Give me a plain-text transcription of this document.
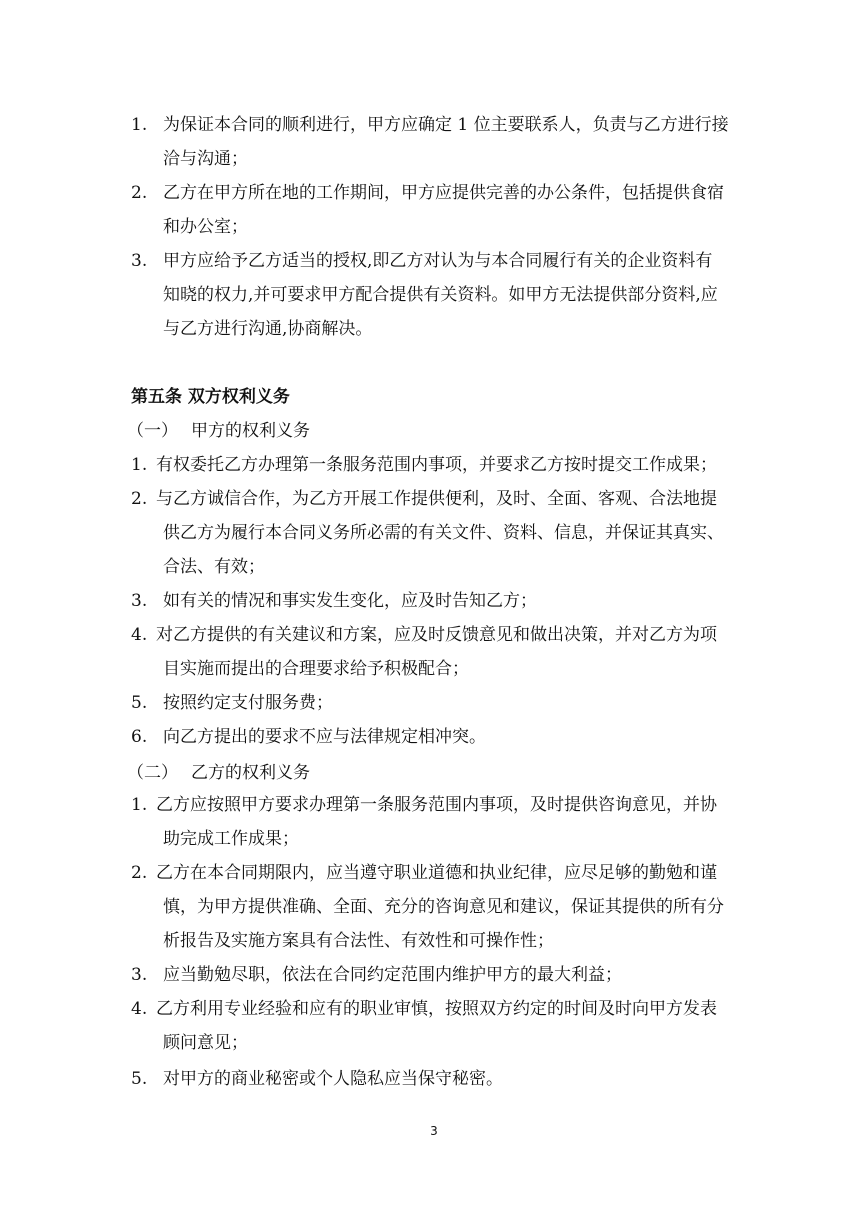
1. 为保证本合同的顺利进行，甲方应确定 1 位主要联系人，负责与乙方进行接
洽与沟通；
2. 乙方在甲方所在地的工作期间，甲方应提供完善的办公条件，包括提供食宿
和办公室；
3. 甲方应给予乙方适当的授权,即乙方对认为与本合同履行有关的企业资料有
知晓的权力,并可要求甲方配合提供有关资料。如甲方无法提供部分资料,应
与乙方进行沟通,协商解决。
第五条 双方权利义务
（一） 甲方的权利义务
1. 有权委托乙方办理第一条服务范围内事项，并要求乙方按时提交工作成果；
2. 与乙方诚信合作，为乙方开展工作提供便利，及时、全面、客观、合法地提
供乙方为履行本合同义务所必需的有关文件、资料、信息，并保证其真实、
合法、有效；
3. 如有关的情况和事实发生变化，应及时告知乙方；
4. 对乙方提供的有关建议和方案，应及时反馈意见和做出决策，并对乙方为项
目实施而提出的合理要求给予积极配合；
5. 按照约定支付服务费；
6. 向乙方提出的要求不应与法律规定相冲突。
（二） 乙方的权利义务
1. 乙方应按照甲方要求办理第一条服务范围内事项，及时提供咨询意见，并协
助完成工作成果；
2. 乙方在本合同期限内，应当遵守职业道德和执业纪律，应尽足够的勤勉和谨
慎，为甲方提供准确、全面、充分的咨询意见和建议，保证其提供的所有分
析报告及实施方案具有合法性、有效性和可操作性；
3. 应当勤勉尽职，依法在合同约定范围内维护甲方的最大利益；
4. 乙方利用专业经验和应有的职业审慎，按照双方约定的时间及时向甲方发表
顾问意见；
5. 对甲方的商业秘密或个人隐私应当保守秘密。
3
